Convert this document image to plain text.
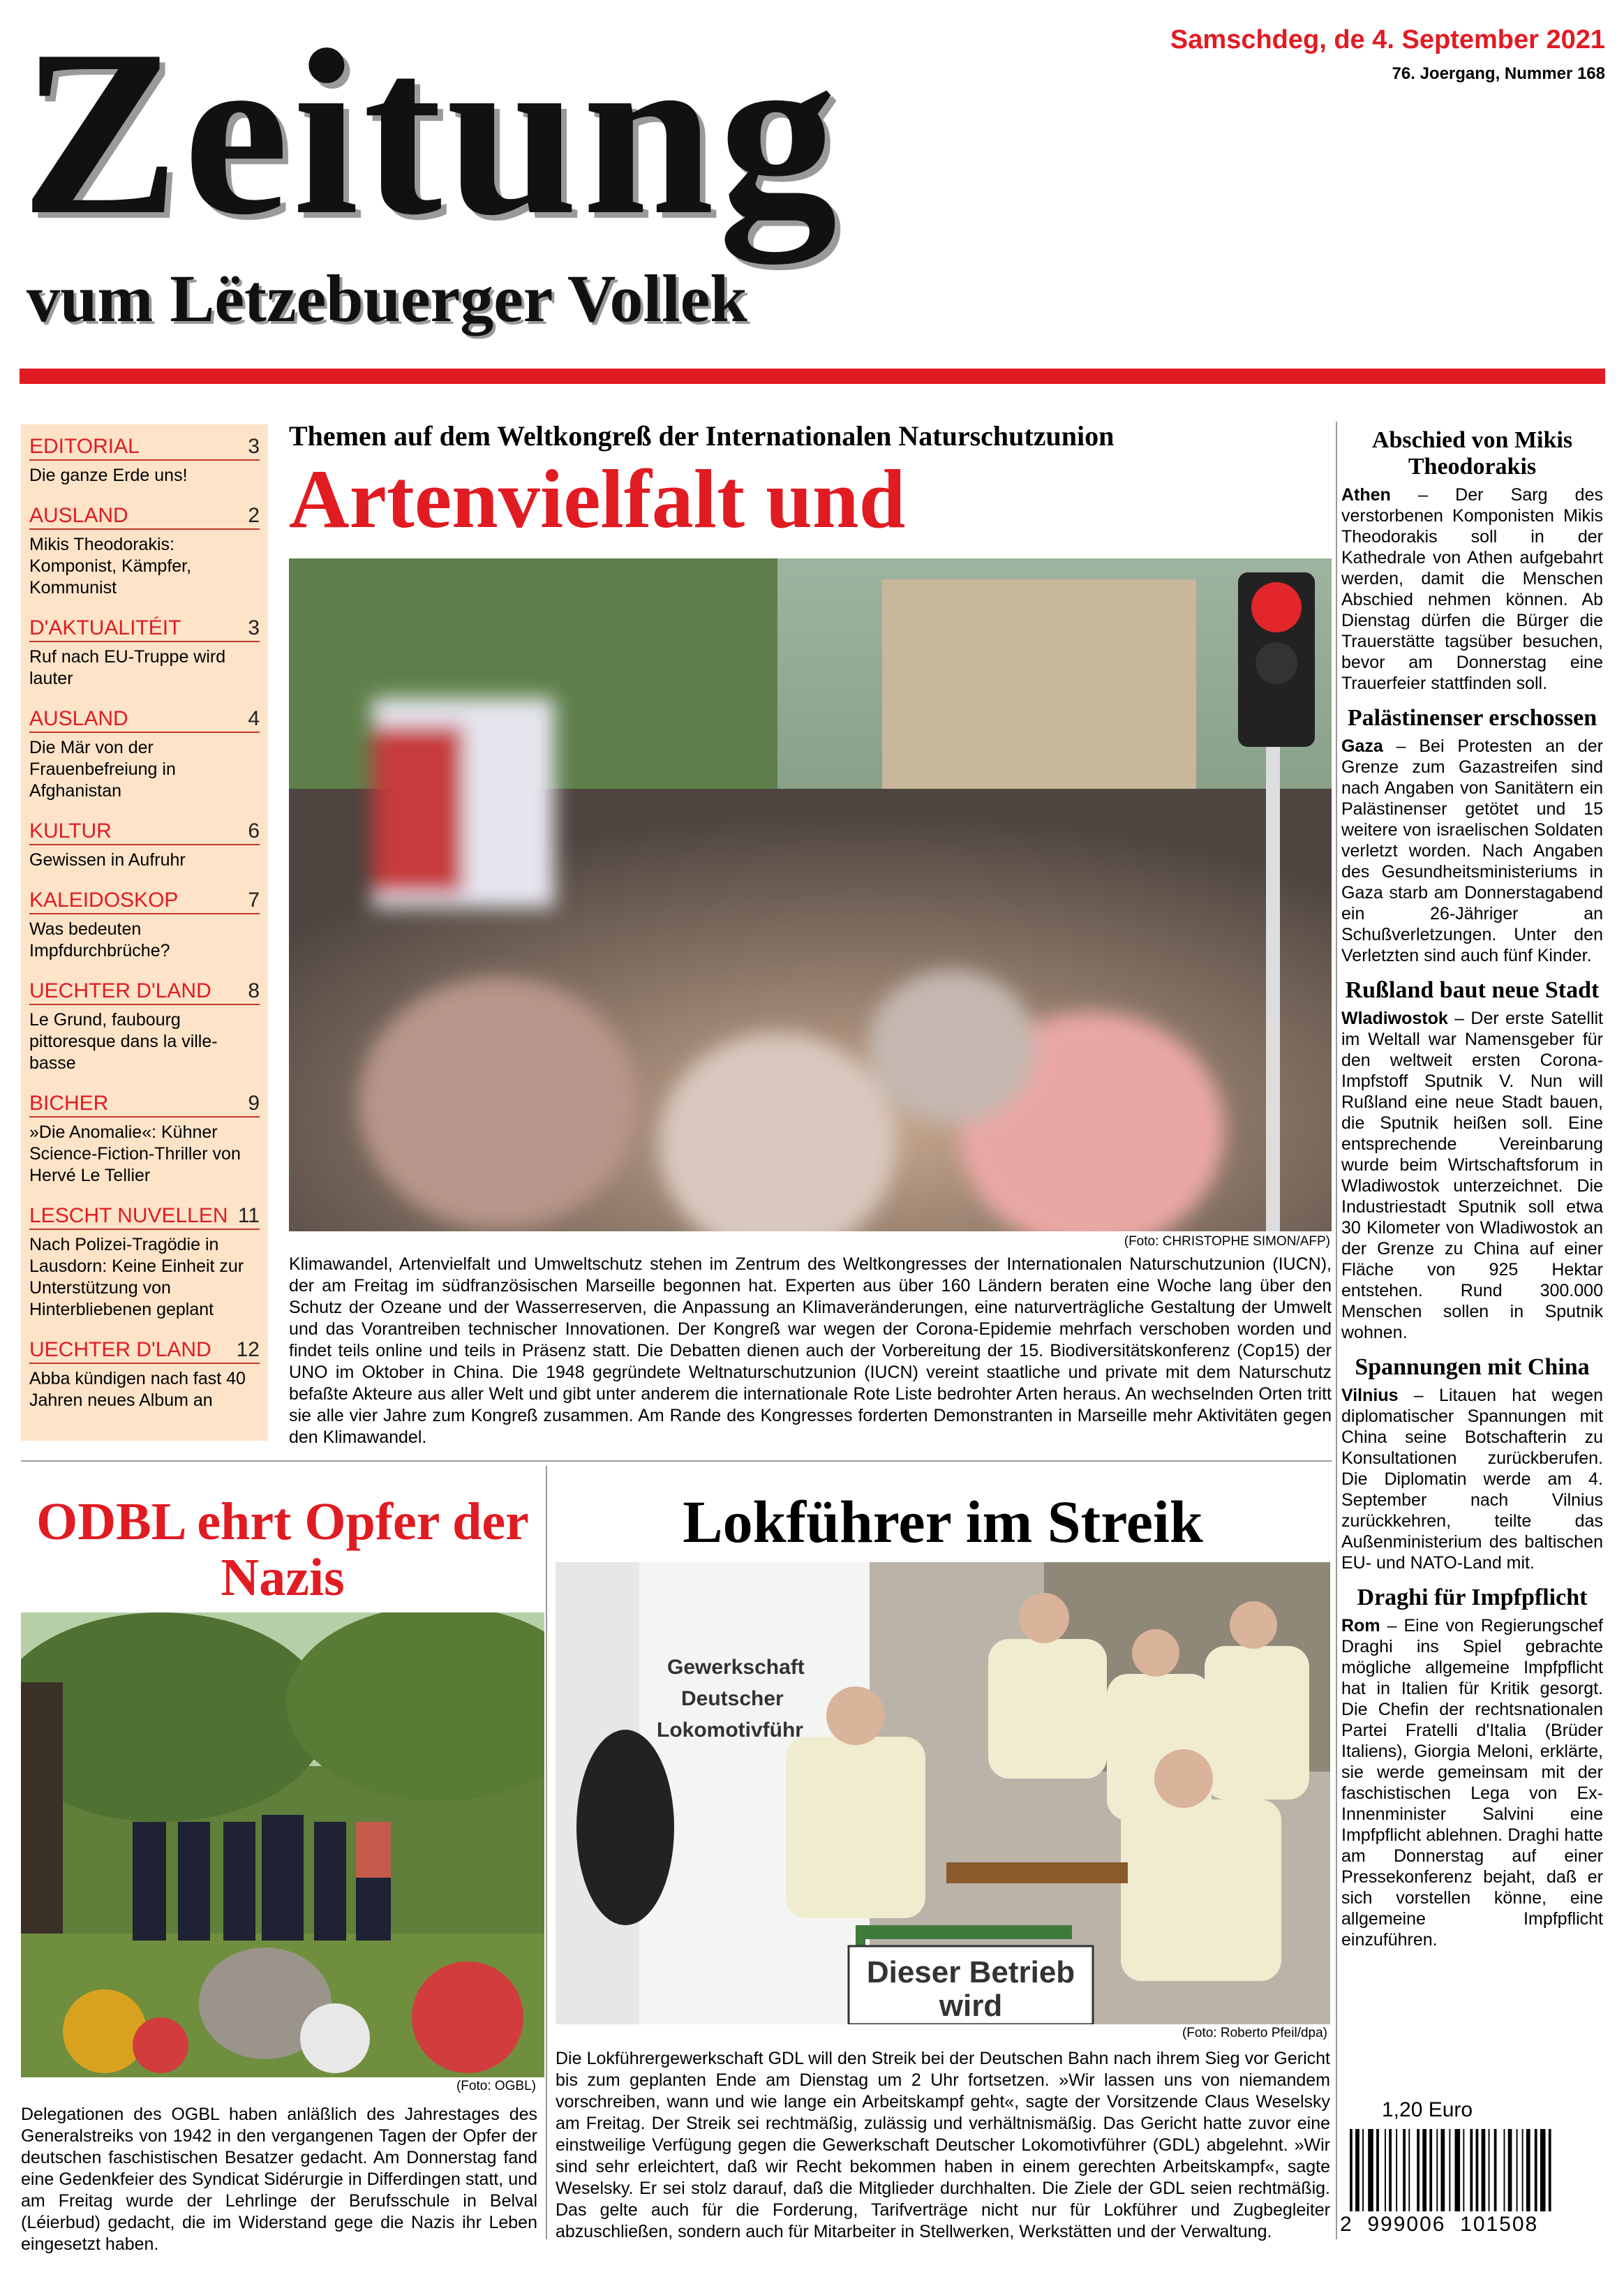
Zeitung
vum Lëtzebuerger Vollek
Samschdeg, de 4. September 2021
76. Joergang, Nummer 168
EDITORIAL	3
Die ganze Erde uns!
AUSLAND	2
Mikis Theodorakis: Komponist, Kämpfer, Kommunist
D'AKTUALITÉIT	3
Ruf nach EU-Truppe wird lauter
AUSLAND	4
Die Mär von der Frauenbefreiung in Afghanistan
KULTUR	6
Gewissen in Aufruhr
KALEIDOSKOP	7
Was bedeuten Impfdurchbrüche?
UECHTER D'LAND 8
Le Grund, faubourg pittoresque dans la ville-basse
BICHER	9
»Die Anomalie«: Kühner Science-Fiction-Thriller von Hervé Le Tellier
LESCHT NUVELLEN 11
Nach Polizei-Tragödie in Lausdorn: Keine Einheit zur Unterstützung von Hinterbliebenen geplant
UECHTER D'LAND 12
Abba kündigen nach fast 40 Jahren neues Album an
Themen auf dem Weltkongreß der Internationalen Naturschutzunion
Artenvielfalt und
(Foto: CHRISTOPHE SIMON/AFP)
Klimawandel, Artenvielfalt und Umweltschutz stehen im Zentrum des Weltkongresses der Internationalen Naturschutzunion (IUCN), der am Freitag im südfranzösischen Marseille begonnen hat. Experten aus über 160 Ländern beraten eine Woche lang über den Schutz der Ozeane und der Wasserreserven, die Anpassung an Klimaveränderungen, eine naturverträgliche Gestaltung der Umwelt und das Vorantreiben technischer Innovationen. Der Kongreß war wegen der Corona-Epidemie mehrfach verschoben worden und findet teils online und teils in Präsenz statt. Die Debatten dienen auch der Vorbereitung der 15. Biodiversitätskonferenz (Cop15) der UNO im Oktober in China. Die 1948 gegründete Weltnaturschutzunion (IUCN) vereint staatliche und private mit dem Naturschutz befaßte Akteure aus aller Welt und gibt unter anderem die internationale Rote Liste bedrohter Arten heraus. An wechselnden Orten tritt sie alle vier Jahre zum Kongreß zusammen. Am Rande des Kongresses forderten Demonstranten in Marseille mehr Aktivitäten gegen den Klimawandel.
ODBL ehrt Opfer der Nazis
(Foto: OGBL)
Delegationen des OGBL haben anläßlich des Jahrestages des Generalstreiks von 1942 in den vergangenen Tagen der Opfer der deutschen faschistischen Besatzer gedacht. Am Donnerstag fand eine Gedenkfeier des Syndicat Sidérurgie in Differdingen statt, und am Freitag wurde der Lehrlinge der Berufsschule in Belval (Léierbud) gedacht, die im Widerstand gege die Nazis ihr Leben eingesetzt haben.
Lokführer im Streik
Gewerkschaft
Deutscher
Lokomotivführ
Dieser Betrieb
wird
(Foto: Roberto Pfeil/dpa)
Die Lokführergewerkschaft GDL will den Streik bei der Deutschen Bahn nach ihrem Sieg vor Gericht bis zum geplanten Ende am Dienstag um 2 Uhr fortsetzen. »Wir lassen uns von niemandem vorschreiben, wann und wie lange ein Arbeitskampf geht«, sagte der Vorsitzende Claus Weselsky am Freitag. Der Streik sei rechtmäßig, zulässig und verhältnismäßig. Das Gericht hatte zuvor eine einstweilige Verfügung gegen die Gewerkschaft Deutscher Lokomotivführer (GDL) abgelehnt. »Wir sind sehr erleichtert, daß wir Recht bekommen haben in einem gerechten Arbeitskampf«, sagte Weselsky. Er sei stolz darauf, daß die Mitglieder durchhalten. Die Ziele der GDL seien rechtmäßig. Das gelte auch für die Forderung, Tarifverträge nicht nur für Lokführer und Zugbegleiter abzuschließen, sondern auch für Mitarbeiter in Stellwerken, Werkstätten und der Verwaltung.
Abschied von Mikis Theodorakis

Athen – Der Sarg des verstorbenen Komponisten Mikis Theodorakis soll in der Kathedrale von Athen aufgebahrt werden, damit die Menschen Abschied nehmen können. Ab Dienstag dürfen die Bürger die Trauerstätte tagsüber besuchen, bevor am Donnerstag eine Trauerfeier stattfinden soll.

Palästinenser erschossen

Gaza – Bei Protesten an der Grenze zum Gazastreifen sind nach Angaben von Sanitätern ein Palästinenser getötet und 15 weitere von israelischen Soldaten verletzt worden. Nach Angaben des Gesundheitsministeriums in Gaza starb am Donnerstagabend ein 26-Jähriger an Schußverletzungen. Unter den Verletzten sind auch fünf Kinder.

Rußland baut neue Stadt

Wladiwostok – Der erste Satellit im Weltall war Namensgeber für den weltweit ersten Corona-Impfstoff Sputnik V. Nun will Rußland eine neue Stadt bauen, die Sputnik heißen soll. Eine entsprechende Vereinbarung wurde beim Wirtschaftsforum in Wladiwostok unterzeichnet. Die Industriestadt Sputnik soll etwa 30 Kilometer von Wladiwostok an der Grenze zu China auf einer Fläche von 925 Hektar entstehen. Rund 300.000 Menschen sollen in Sputnik wohnen.

Spannungen mit China

Vilnius – Litauen hat wegen diplomatischer Spannungen mit China seine Botschafterin zu Konsultationen zurückberufen. Die Diplomatin werde am 4. September nach Vilnius zurückkehren, teilte das Außenministerium des baltischen EU- und NATO-Land mit.

Draghi für Impfpflicht

Rom – Eine von Regierungschef Draghi ins Spiel gebrachte mögliche allgemeine Impfpflicht hat in Italien für Kritik gesorgt. Die Chefin der rechtsnationalen Partei Fratelli d'Italia (Brüder Italiens), Giorgia Meloni, erklärte, sie werde gemeinsam mit der faschistischen Lega von Ex-Innenminister Salvini eine Impfpflicht ablehnen. Draghi hatte am Donnerstag auf einer Pressekonferenz bejaht, daß er sich vorstellen könne, eine allgemeine Impfpflicht einzuführen.

1,20 Euro
2  999006  101508
